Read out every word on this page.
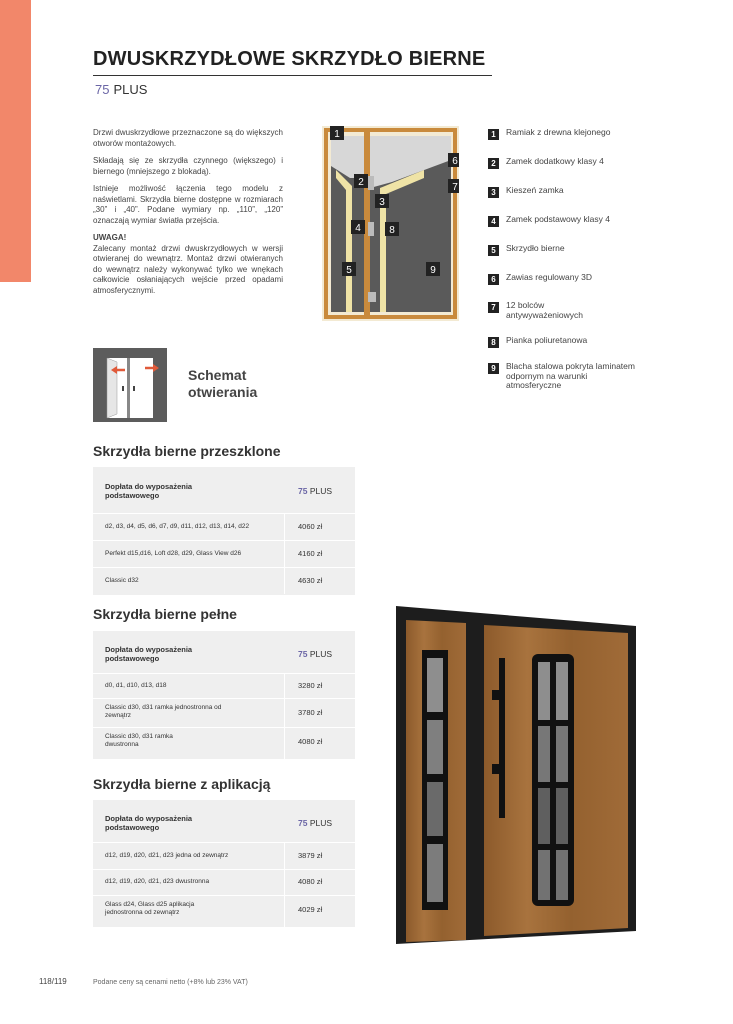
DWUSKRZYDŁOWE SKRZYDŁO BIERNE
75 PLUS

Drzwi dwuskrzydłowe przeznaczone są do większych otworów montażowych.

Składają się ze skrzydła czynnego (większego) i biernego (mniejszego z blokadą).

Istnieje możliwość łączenia tego modelu z naświetlami. Skrzydła bierne dostępne w rozmiarach „30” i „40”. Podane wymiary np. „110”, „120” oznaczają wymiar światła przejścia.

UWAGA!

Zalecany montaż drzwi dwuskrzydłowych w wersji otwieranej do wewnątrz. Montaż drzwi otwieranych do wewnątrz należy wykonywać tylko we wnękach całkowicie osłaniających wejście przed opadami atmosferycznymi.

1
2
3
4
5
6
7
8
9
1	Ramiak z drewna klejonego
2	Zamek dodatkowy klasy 4
3	Kieszeń zamka
4	Zamek podstawowy klasy 4
5	Skrzydło bierne
6	Zawias regulowany 3D
7	12 bolców antywyważeniowych
8	Pianka poliuretanowa
9	Blacha stalowa pokryta laminatem odpornym na warunki atmosferyczne
Schemat
otwierania
Skrzydła bierne przeszklone
Dopłata do wyposażenia podstawowego	75 PLUS
d2, d3, d4, d5, d6, d7, d9, d11, d12, d13, d14, d22	4060 zł
Perfekt d15,d16, Loft d28, d29, Glass View d26	4160 zł
Classic d32	4630 zł
Skrzydła bierne pełne
Dopłata do wyposażenia podstawowego	75 PLUS
d0, d1, d10, d13, d18	3280 zł
Classic d30, d31 ramka jednostronna od zewnątrz	3780 zł
Classic d30, d31 ramka dwustronna	4080 zł
Skrzydła bierne z aplikacją
Dopłata do wyposażenia podstawowego	75 PLUS
d12, d19, d20, d21, d23 jedna od zewnątrz	3879 zł
d12, d19, d20, d21, d23 dwustronna	4080 zł
Glass d24, Glass d25 aplikacja jednostronna od zewnątrz	4029 zł
118/119	Podane ceny są cenami netto (+8% lub 23% VAT)
